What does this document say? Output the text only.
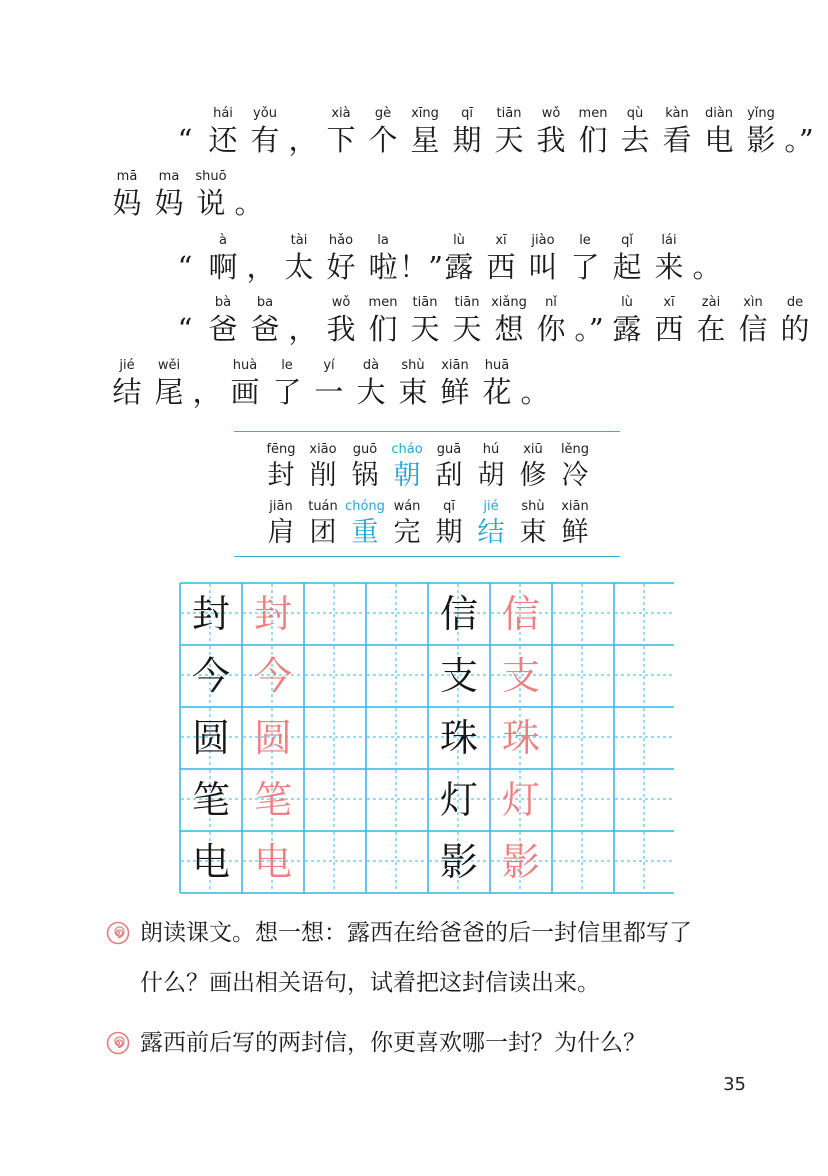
“
hái
还
yǒu
有 ，
xià
下
gè
个
xīng
星
qī
期
tiān
天
wǒ
我
men
们
qù
去
kàn
看
diàn
电
yǐng
影 。”
mā
妈
ma
妈
shuō
说 。
“
à
啊 ，
tài
太
hǎo
好
la
啦 ！”
lù
露
xī
西
jiào
叫
le
了
qǐ
起
lái
来 。
“
bà
爸
ba
爸 ，
wǒ
我
men
们
tiān
天
tiān
天
xiǎng
想
nǐ
你 。”
lù
露
xī
西
zài
在
xìn
信
de
的
jié
结
wěi
尾 ，
huà
画
le
了
yí
一
dà
大
shù
束
xiān
鲜
huā
花 。
fēng
封
xiāo
削
guō
锅
cháo
朝
guā
刮
hú
胡
xiū
修
lěng
冷
jiān
肩
tuán
团
chóng
重
wán
完
qī
期
jié
结
shù
束
xiān
鲜
封 封
今 今
圆 圆
笔 笔
电 电
信 信
支 支
珠 珠
灯 灯
影 影
朗读课文。想一想：露西在给爸爸的后一封信里都写了
什么？画出相关语句，试着把这封信读出来。
露西前后写的两封信，你更喜欢哪一封？为什么？
35
